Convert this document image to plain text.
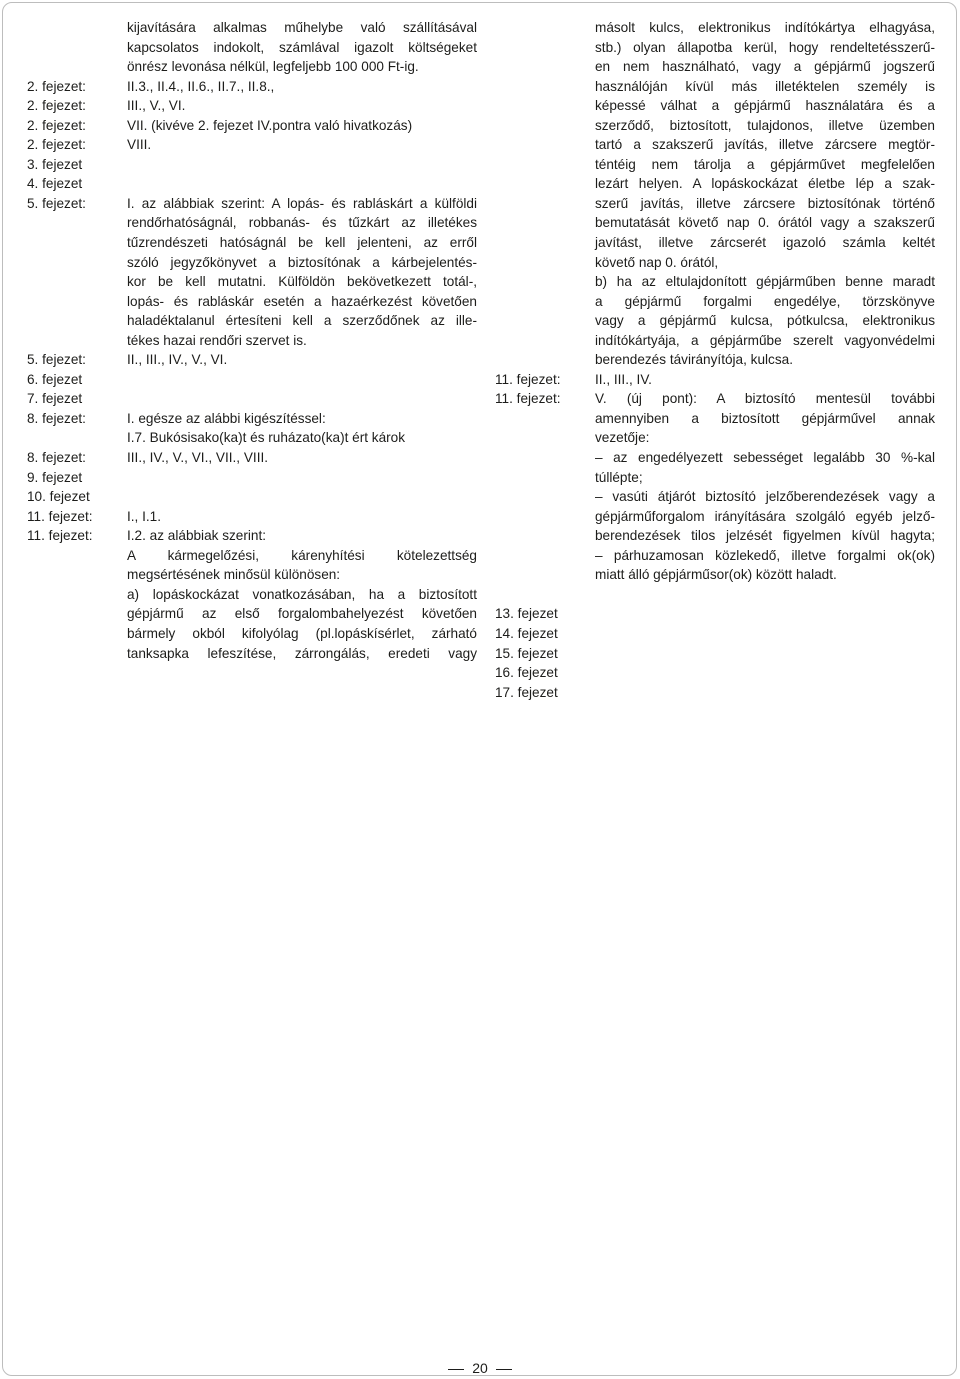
kijavítására alkalmas műhelybe való szállításával
kapcsolatos indokolt, számlával igazolt költségeket
önrész levonása nélkül, legfeljebb 100 000 Ft-ig.
2. fejezet:	II.3., II.4., II.6., II.7., II.8.,
2. fejezet:	III., V., VI.
2. fejezet:	VII. (kivéve 2. fejezet IV.pontra való hivatkozás)
2. fejezet:	VIII.
3. fejezet
4. fejezet
5. fejezet:	I. az alábbiak szerint: A lopás- és rabláskárt a külföldi
rendőrhatóságnál, robbanás- és tűzkárt az illetékes
tűzrendészeti hatóságnál be kell jelenteni, az erről
szóló jegyzőkönyvet a biztosítónak a kárbejelentés-
kor be kell mutatni. Külföldön bekövetkezett totál-,
lopás- és rabláskár esetén a hazaérkezést követően
haladéktalanul értesíteni kell a szerződőnek az ille-
tékes hazai rendőri szervet is.
5. fejezet:	II., III., IV., V., VI.
6. fejezet
7. fejezet
8. fejezet:	I. egésze az alábbi kigészítéssel:
I.7. Bukósisako(ka)t és ruházato(ka)t ért károk
8. fejezet:	III., IV., V., VI., VII., VIII.
9. fejezet
10. fejezet
11. fejezet:	I., I.1.
11. fejezet:	I.2. az alábbiak szerint:
A kármegelőzési, kárenyhítési kötelezettség
megsértésének minősül különösen:
a) lopáskockázat vonatkozásában, ha a biztosított
gépjármű az első forgalombahelyezést követően
bármely okból kifolyólag (pl.lopáskísérlet, zárható
tanksapka lefeszítése, zárrongálás, eredeti vagy
másolt kulcs, elektronikus indítókártya elhagyása,
stb.) olyan állapotba kerül, hogy rendeltetésszerű-
en nem használható, vagy a gépjármű jogszerű
használóján kívül más illetéktelen személy is
képessé válhat a gépjármű használatára és a
szerződő, biztosított, tulajdonos, illetve üzemben
tartó a szakszerű javítás, illetve zárcsere megtör-
téntéig nem tárolja a gépjárművet megfelelően
lezárt helyen. A lopáskockázat életbe lép a szak-
szerű javítás, illetve zárcsere biztosítónak történő
bemutatását követő nap 0. órától vagy a szakszerű
javítást, illetve zárcserét igazoló számla keltét
követő nap 0. órától,
b) ha az eltulajdonított gépjárműben benne maradt
a gépjármű forgalmi engedélye, törzskönyve
vagy a gépjármű kulcsa, pótkulcsa, elektronikus
indítókártyája, a gépjárműbe szerelt vagyonvédelmi
berendezés távirányítója, kulcsa.
11. fejezet:	II., III., IV.
11. fejezet:	V. (új pont): A biztosító mentesül további
amennyiben a biztosított gépjárművel annak
vezetője:
– az engedélyezett sebességet legalább 30 %-kal
túllépte;
– vasúti átjárót biztosító jelzőberendezések vagy a
gépjárműforgalom irányítására szolgáló egyéb jelző-
berendezések tilos jelzését figyelmen kívül hagyta;
– párhuzamosan közlekedő, illetve forgalmi ok(ok)
miatt álló gépjárműsor(ok) között haladt.

13. fejezet
14. fejezet
15. fejezet
16. fejezet
17. fejezet
20
